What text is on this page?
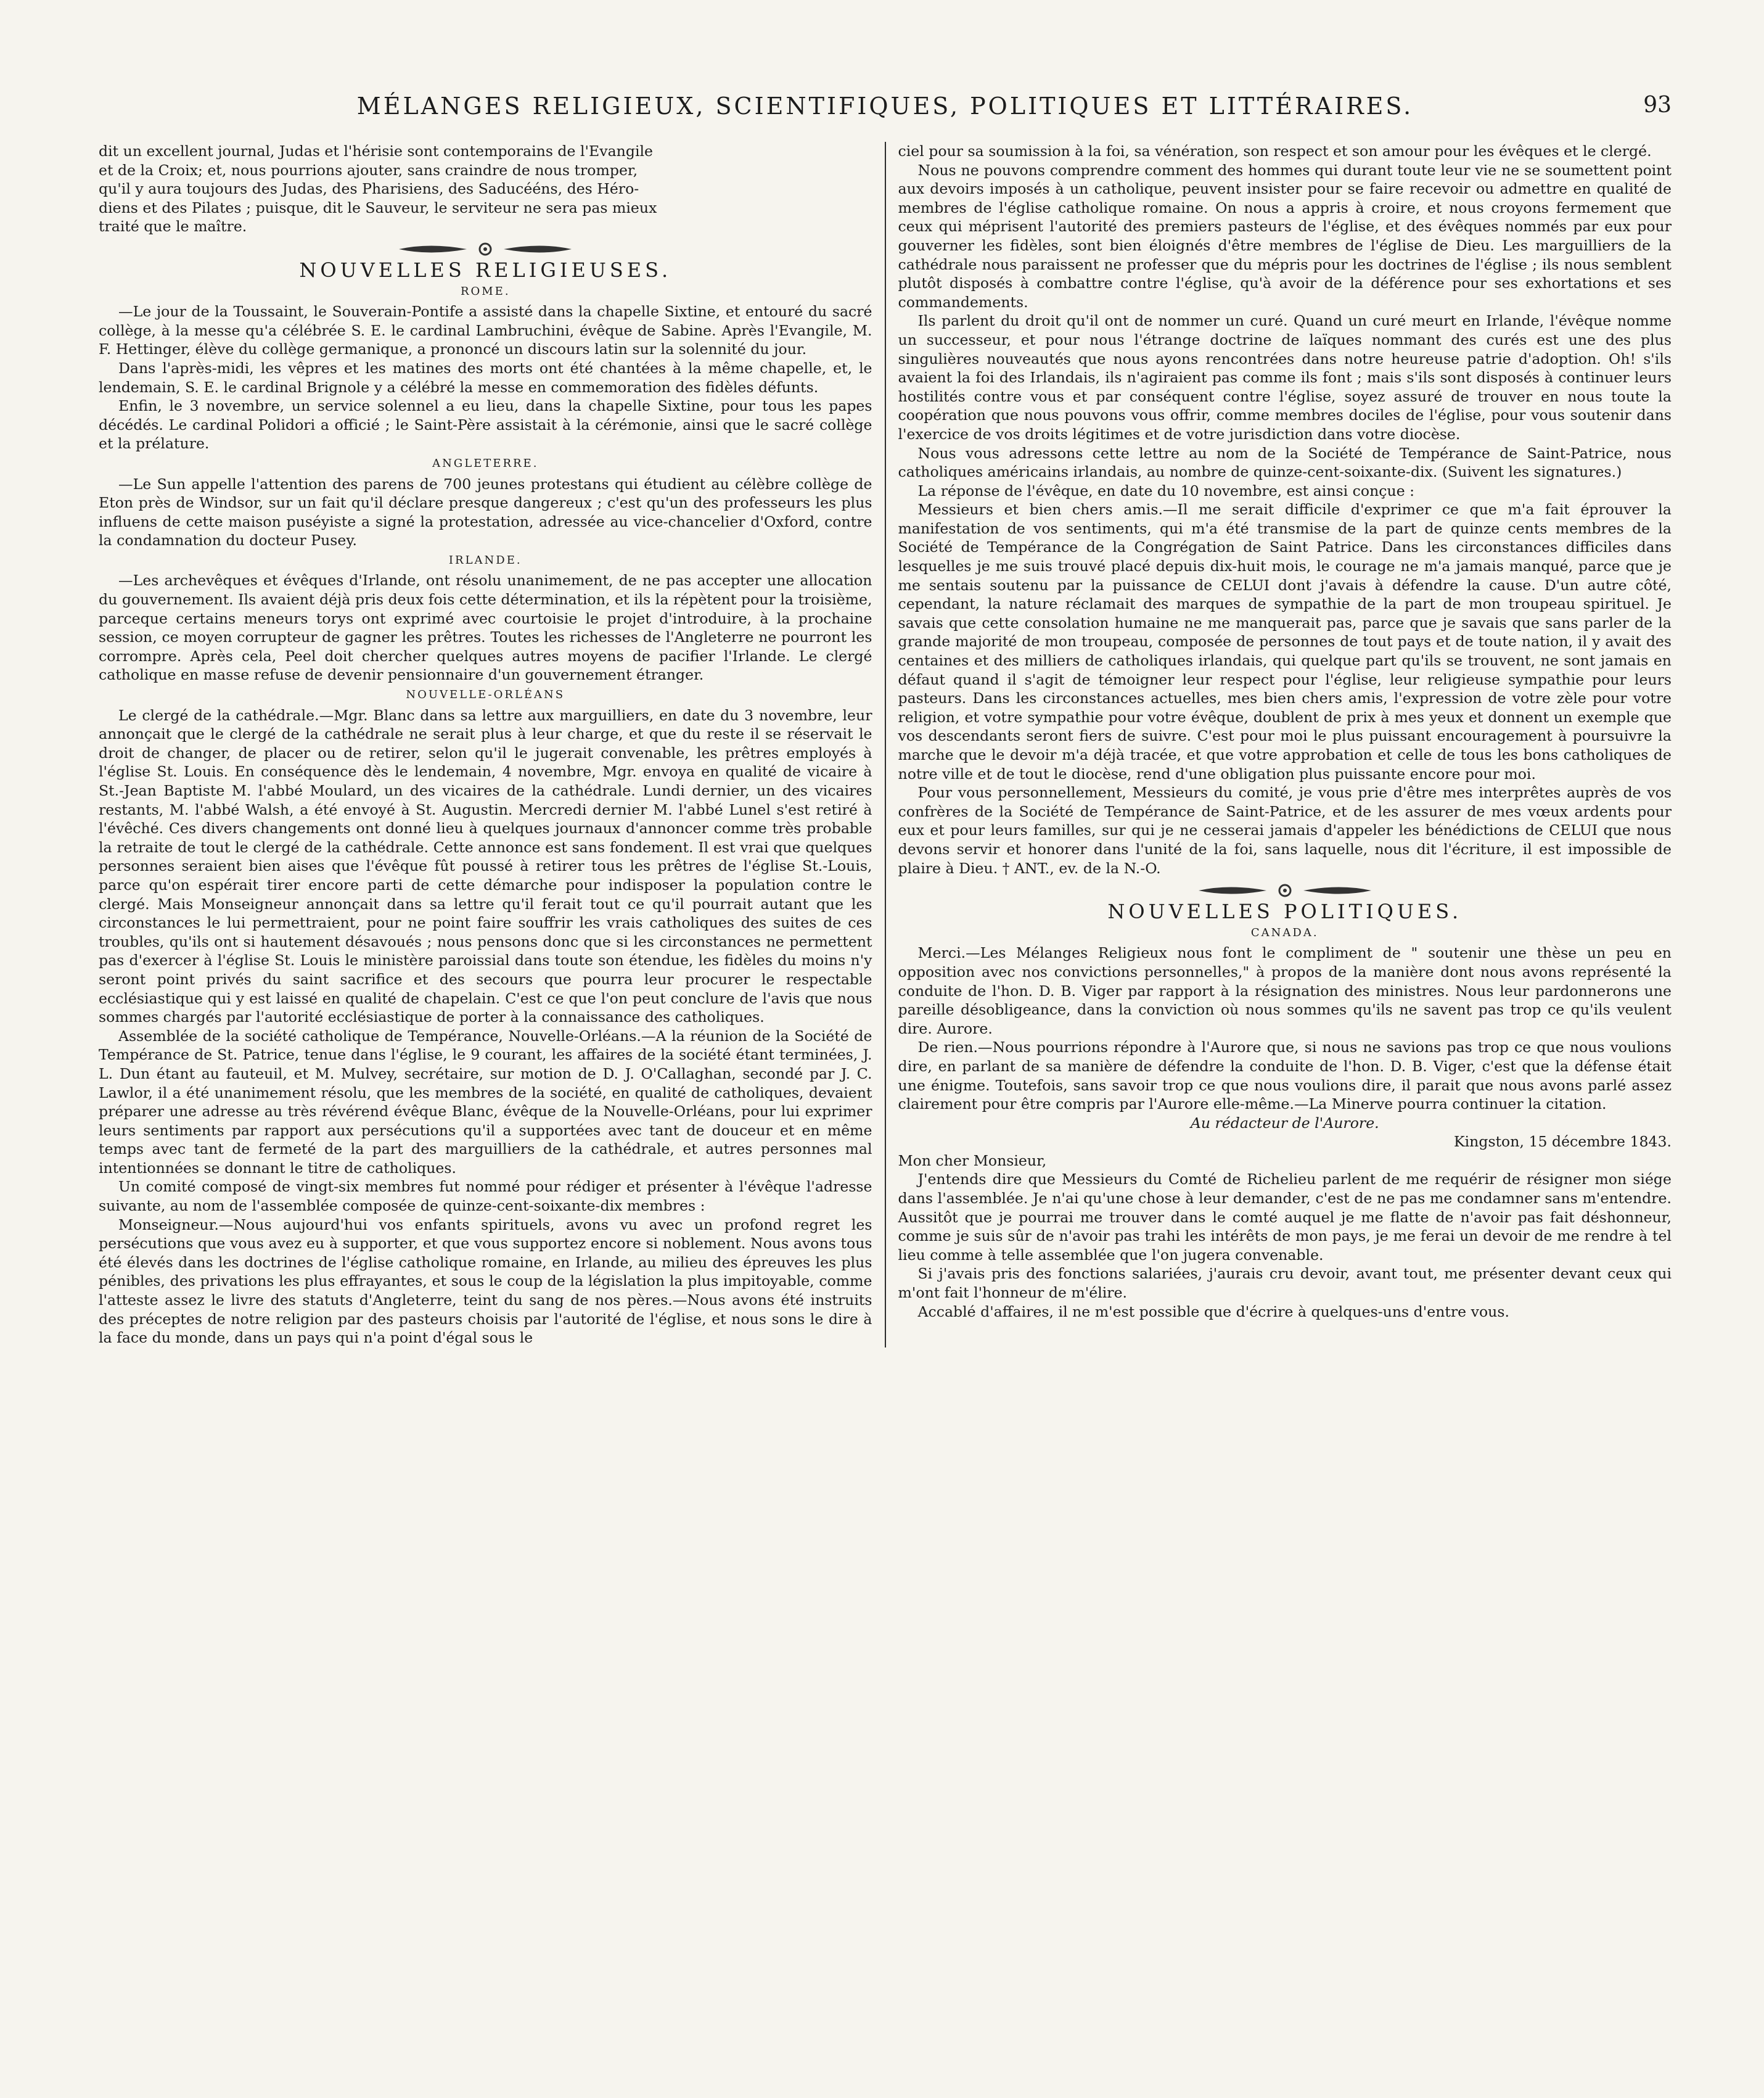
MÉLANGES RELIGIEUX, SCIENTIFIQUES, POLITIQUES ET LITTÉRAIRES.	93

dit un excellent journal, Judas et l'hérisie sont contemporains de l'Evangile

et de la Croix; et, nous pourrions ajouter, sans craindre de nous tromper,

qu'il y aura toujours des Judas, des Pharisiens, des Saducééns, des Héro-

diens et des Pilates ; puisque, dit le Sauveur, le serviteur ne sera pas mieux

traité que le maître.

NOUVELLES RELIGIEUSES.
ROME.

—Le jour de la Toussaint, le Souverain-Pontife a assisté dans la chapelle Sixtine, et entouré du sacré collège, à la messe qu'a célébrée S. E. le cardinal Lambruchini, évêque de Sabine. Après l'Evangile, M. F. Hettinger, élève du collège germanique, a prononcé un discours latin sur la solennité du jour.

Dans l'après-midi, les vêpres et les matines des morts ont été chantées à la même chapelle, et, le lendemain, S. E. le cardinal Brignole y a célébré la messe en commemoration des fidèles défunts.

Enfin, le 3 novembre, un service solennel a eu lieu, dans la chapelle Sixtine, pour tous les papes décédés. Le cardinal Polidori a officié ; le Saint-Père assistait à la cérémonie, ainsi que le sacré collège et la prélature.

ANGLETERRE.

—Le Sun appelle l'attention des parens de 700 jeunes protestans qui étudient au célèbre collège de Eton près de Windsor, sur un fait qu'il déclare presque dangereux ; c'est qu'un des professeurs les plus influens de cette maison puséyiste a signé la protestation, adressée au vice-chancelier d'Oxford, contre la condamnation du docteur Pusey.

IRLANDE.

—Les archevêques et évêques d'Irlande, ont résolu unanimement, de ne pas accepter une allocation du gouvernement. Ils avaient déjà pris deux fois cette détermination, et ils la répètent pour la troisième, parceque certains meneurs torys ont exprimé avec courtoisie le projet d'introduire, à la prochaine session, ce moyen corrupteur de gagner les prêtres. Toutes les richesses de l'Angleterre ne pourront les corrompre. Après cela, Peel doit chercher quelques autres moyens de pacifier l'Irlande. Le clergé catholique en masse refuse de devenir pensionnaire d'un gouvernement étranger.

NOUVELLE-ORLÉANS

Le clergé de la cathédrale.—Mgr. Blanc dans sa lettre aux marguilliers, en date du 3 novembre, leur annonçait que le clergé de la cathédrale ne serait plus à leur charge, et que du reste il se réservait le droit de changer, de placer ou de retirer, selon qu'il le jugerait convenable, les prêtres employés à l'église St. Louis. En conséquence dès le lendemain, 4 novembre, Mgr. envoya en qualité de vicaire à St.-Jean Baptiste M. l'abbé Moulard, un des vicaires de la cathédrale. Lundi dernier, un des vicaires restants, M. l'abbé Walsh, a été envoyé à St. Augustin. Mercredi dernier M. l'abbé Lunel s'est retiré à l'évêché. Ces divers changements ont donné lieu à quelques journaux d'annoncer comme très probable la retraite de tout le clergé de la cathédrale. Cette annonce est sans fondement. Il est vrai que quelques personnes seraient bien aises que l'évêque fût poussé à retirer tous les prêtres de l'église St.-Louis, parce qu'on espérait tirer encore parti de cette démarche pour indisposer la population contre le clergé. Mais Monseigneur annonçait dans sa lettre qu'il ferait tout ce qu'il pourrait autant que les circonstances le lui permettraient, pour ne point faire souffrir les vrais catholiques des suites de ces troubles, qu'ils ont si hautement désavoués ; nous pensons donc que si les circonstances ne permettent pas d'exercer à l'église St. Louis le ministère paroissial dans toute son étendue, les fidèles du moins n'y seront point privés du saint sacrifice et des secours que pourra leur procurer le respectable ecclésiastique qui y est laissé en qualité de chapelain. C'est ce que l'on peut conclure de l'avis que nous sommes chargés par l'autorité ecclésiastique de porter à la connaissance des catholiques.

Assemblée de la société catholique de Tempérance, Nouvelle-Orléans.—A la réunion de la Société de Tempérance de St. Patrice, tenue dans l'église, le 9 courant, les affaires de la société étant terminées, J. L. Dun étant au fauteuil, et M. Mulvey, secrétaire, sur motion de D. J. O'Callaghan, secondé par J. C. Lawlor, il a été unanimement résolu, que les membres de la société, en qualité de catholiques, devaient préparer une adresse au très révérend évêque Blanc, évêque de la Nouvelle-Orléans, pour lui exprimer leurs sentiments par rapport aux persécutions qu'il a supportées avec tant de douceur et en même temps avec tant de fermeté de la part des marguilliers de la cathédrale, et autres personnes mal intentionnées se donnant le titre de catholiques.

Un comité composé de vingt-six membres fut nommé pour rédiger et présenter à l'évêque l'adresse suivante, au nom de l'assemblée composée de quinze-cent-soixante-dix membres :

Monseigneur.—Nous aujourd'hui vos enfants spirituels, avons vu avec un profond regret les persécutions que vous avez eu à supporter, et que vous supportez encore si noblement. Nous avons tous été élevés dans les doctrines de l'église catholique romaine, en Irlande, au milieu des épreuves les plus pénibles, des privations les plus effrayantes, et sous le coup de la législation la plus impitoyable, comme l'atteste assez le livre des statuts d'Angleterre, teint du sang de nos pères.—Nous avons été instruits des préceptes de notre religion par des pasteurs choisis par l'autorité de l'église, et nous sons le dire à la face du monde, dans un pays qui n'a point d'égal sous le

ciel pour sa soumission à la foi, sa vénération, son respect et son amour pour les évêques et le clergé.

Nous ne pouvons comprendre comment des hommes qui durant toute leur vie ne se soumettent point aux devoirs imposés à un catholique, peuvent insister pour se faire recevoir ou admettre en qualité de membres de l'église catholique romaine. On nous a appris à croire, et nous croyons fermement que ceux qui méprisent l'autorité des premiers pasteurs de l'église, et des évêques nommés par eux pour gouverner les fidèles, sont bien éloignés d'être membres de l'église de Dieu. Les marguilliers de la cathédrale nous paraissent ne professer que du mépris pour les doctrines de l'église ; ils nous semblent plutôt disposés à combattre contre l'église, qu'à avoir de la déférence pour ses exhortations et ses commandements.

Ils parlent du droit qu'il ont de nommer un curé. Quand un curé meurt en Irlande, l'évêque nomme un successeur, et pour nous l'étrange doctrine de laïques nommant des curés est une des plus singulières nouveautés que nous ayons rencontrées dans notre heureuse patrie d'adoption. Oh! s'ils avaient la foi des Irlandais, ils n'agiraient pas comme ils font ; mais s'ils sont disposés à continuer leurs hostilités contre vous et par conséquent contre l'église, soyez assuré de trouver en nous toute la coopération que nous pouvons vous offrir, comme membres dociles de l'église, pour vous soutenir dans l'exercice de vos droits légitimes et de votre jurisdiction dans votre diocèse.

Nous vous adressons cette lettre au nom de la Société de Tempérance de Saint-Patrice, nous catholiques américains irlandais, au nombre de quinze-cent-soixante-dix. (Suivent les signatures.)

La réponse de l'évêque, en date du 10 novembre, est ainsi conçue :

Messieurs et bien chers amis.—Il me serait difficile d'exprimer ce que m'a fait éprouver la manifestation de vos sentiments, qui m'a été transmise de la part de quinze cents membres de la Société de Tempérance de la Congrégation de Saint Patrice. Dans les circonstances difficiles dans lesquelles je me suis trouvé placé depuis dix-huit mois, le courage ne m'a jamais manqué, parce que je me sentais soutenu par la puissance de CELUI dont j'avais à défendre la cause. D'un autre côté, cependant, la nature réclamait des marques de sympathie de la part de mon troupeau spirituel. Je savais que cette consolation humaine ne me manquerait pas, parce que je savais que sans parler de la grande majorité de mon troupeau, composée de personnes de tout pays et de toute nation, il y avait des centaines et des milliers de catholiques irlandais, qui quelque part qu'ils se trouvent, ne sont jamais en défaut quand il s'agit de témoigner leur respect pour l'église, leur religieuse sympathie pour leurs pasteurs. Dans les circonstances actuelles, mes bien chers amis, l'expression de votre zèle pour votre religion, et votre sympathie pour votre évêque, doublent de prix à mes yeux et donnent un exemple que vos descendants seront fiers de suivre. C'est pour moi le plus puissant encouragement à poursuivre la marche que le devoir m'a déjà tracée, et que votre approbation et celle de tous les bons catholiques de notre ville et de tout le diocèse, rend d'une obligation plus puissante encore pour moi.

Pour vous personnellement, Messieurs du comité, je vous prie d'être mes interprêtes auprès de vos confrères de la Société de Tempérance de Saint-Patrice, et de les assurer de mes vœux ardents pour eux et pour leurs familles, sur qui je ne cesserai jamais d'appeler les bénédictions de CELUI que nous devons servir et honorer dans l'unité de la foi, sans laquelle, nous dit l'écriture, il est impossible de plaire à Dieu. † ANT., ev. de la N.-O.

NOUVELLES POLITIQUES.
CANADA.

Merci.—Les Mélanges Religieux nous font le compliment de " soutenir une thèse un peu en opposition avec nos convictions personnelles," à propos de la manière dont nous avons représenté la conduite de l'hon. D. B. Viger par rapport à la résignation des ministres. Nous leur pardonnerons une pareille désobligeance, dans la conviction où nous sommes qu'ils ne savent pas trop ce qu'ils veulent dire. Aurore.

De rien.—Nous pourrions répondre à l'Aurore que, si nous ne savions pas trop ce que nous voulions dire, en parlant de sa manière de défendre la conduite de l'hon. D. B. Viger, c'est que la défense était une énigme. Toutefois, sans savoir trop ce que nous voulions dire, il parait que nous avons parlé assez clairement pour être compris par l'Aurore elle-même.—La Minerve pourra continuer la citation.

Au rédacteur de l'Aurore.
Kingston, 15 décembre 1843.

Mon cher Monsieur,

J'entends dire que Messieurs du Comté de Richelieu parlent de me requérir de résigner mon siége dans l'assemblée. Je n'ai qu'une chose à leur demander, c'est de ne pas me condamner sans m'entendre. Aussitôt que je pourrai me trouver dans le comté auquel je me flatte de n'avoir pas fait déshonneur, comme je suis sûr de n'avoir pas trahi les intérêts de mon pays, je me ferai un devoir de me rendre à tel lieu comme à telle assemblée que l'on jugera convenable.

Si j'avais pris des fonctions salariées, j'aurais cru devoir, avant tout, me présenter devant ceux qui m'ont fait l'honneur de m'élire.

Accablé d'affaires, il ne m'est possible que d'écrire à quelques-uns d'entre vous.
